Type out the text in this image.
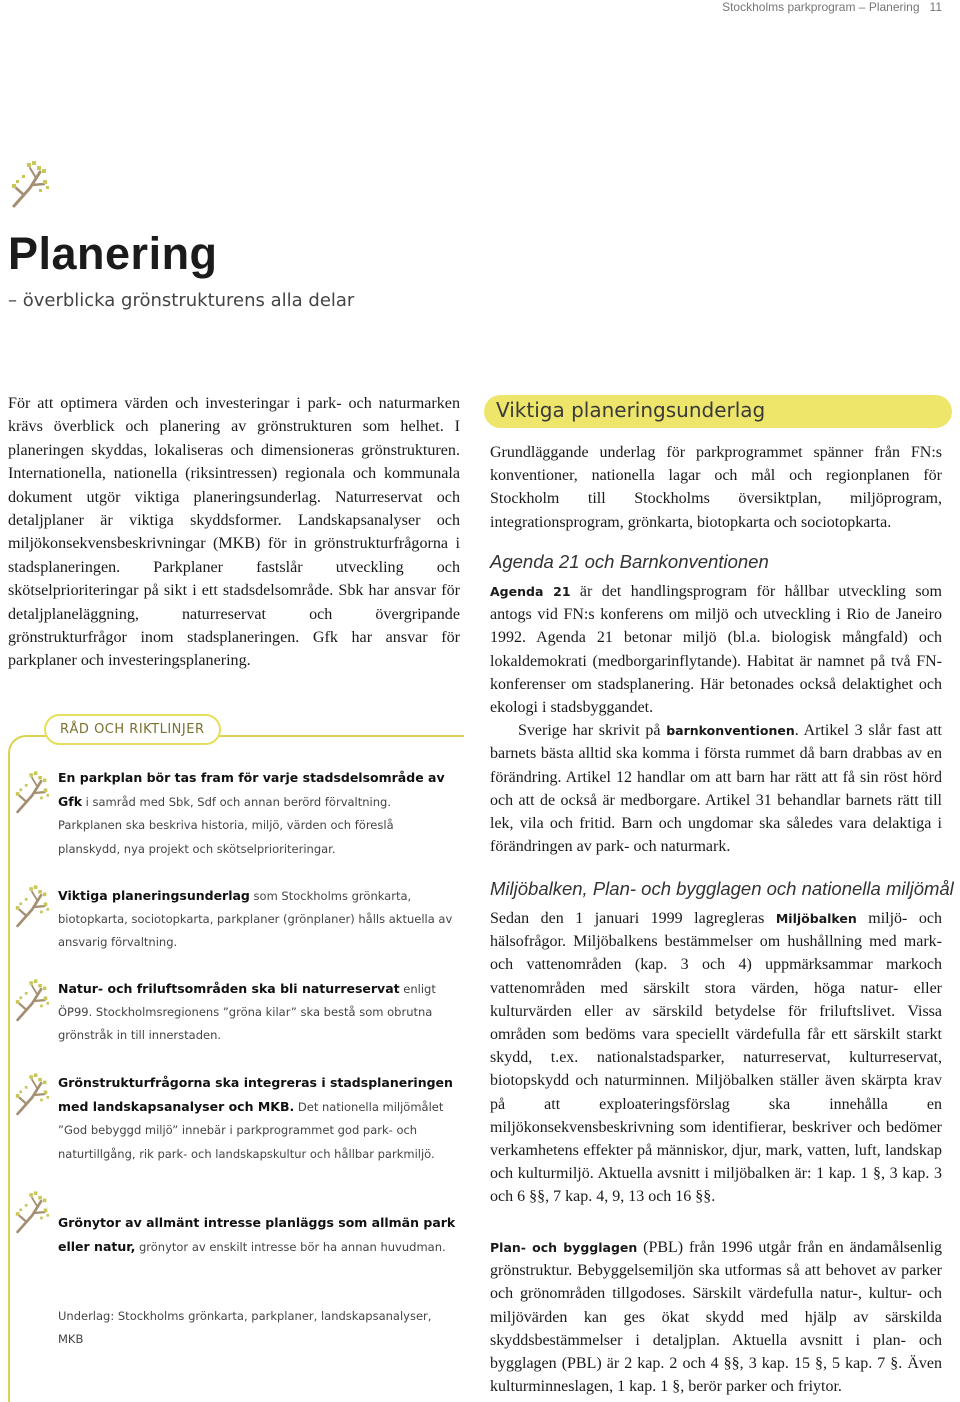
Stockholms parkprogram – Planering 11
Planering
– överblicka grönstrukturens alla delar

För att optimera värden och investeringar i park- och naturmarken krävs överblick och planering av grönstrukturen som helhet. I planeringen skyddas, lokaliseras och dimensioneras grönstrukturen. Internationella, nationella (riksintressen) regionala och kommunala dokument utgör viktiga planeringsunderlag. Naturreservat och detaljplaner är viktiga skyddsformer. Landskapsanalyser och miljökonsekvensbeskrivningar (MKB) för in grönstrukturfrågorna i stadsplaneringen. Parkplaner fastslår utveckling och skötselprioriteringar på sikt i ett stadsdelsområde. Sbk har ansvar för detaljplaneläggning, naturreservat och övergripande grönstrukturfrågor inom stadsplaneringen. Gfk har ansvar för parkplaner och investeringsplanering.

RÅD OCH RIKTLINJER

En parkplan bör tas fram för varje stadsdelsområde av Gfk i samråd med Sbk, Sdf och annan berörd förvaltning. Parkplanen ska beskriva historia, miljö, värden och föreslå planskydd, nya projekt och skötselprioriteringar.

Viktiga planeringsunderlag som Stockholms grönkarta, biotopkarta, sociotopkarta, parkplaner (grönplaner) hålls aktuella av ansvarig förvaltning.

Natur- och friluftsområden ska bli naturreservat enligt ÖP99. Stockholmsregionens ”gröna kilar” ska bestå som obrutna grönstråk in till innerstaden.

Grönstrukturfrågorna ska integreras i stadsplaneringen med landskapsanalyser och MKB. Det nationella miljömålet ”God bebyggd miljö” innebär i parkprogrammet god park- och naturtillgång, rik park- och landskapskultur och hållbar parkmiljö.

Grönytor av allmänt intresse planläggs som allmän park eller natur, grönytor av enskilt intresse bör ha annan huvudman.

Underlag: Stockholms grönkarta, parkplaner, landskapsanalyser, MKB

Viktiga planeringsunderlag

Grundläggande underlag för parkprogrammet spänner från FN:s konventioner, nationella lagar och mål och regionplanen för Stockholm till Stockholms översiktplan, miljöprogram, integrationsprogram, grönkarta, biotopkarta och sociotopkarta.

Agenda 21 och Barnkonventionen

Agenda 21 är det handlingsprogram för hållbar utveckling som antogs vid FN:s konferens om miljö och utveckling i Rio de Janeiro 1992. Agenda 21 betonar miljö (bl.a. biologisk mångfald) och lokaldemokrati (medborgarinflytande). Habitat är namnet på två FN-konferenser om stadsplanering. Här betonades också delaktighet och ekologi i stadsbyggandet.
Sverige har skrivit på barnkonventionen. Artikel 3 slår fast att barnets bästa alltid ska komma i första rummet då barn drabbas av en förändring. Artikel 12 handlar om att barn har rätt att få sin röst hörd och att de också är medborgare. Artikel 31 behandlar barnets rätt till lek, vila och fritid. Barn och ungdomar ska således vara delaktiga i förändringen av park- och naturmark.

Miljöbalken, Plan- och bygglagen och nationella miljömål

Sedan den 1 januari 1999 lagregleras Miljöbalken miljö- och hälsofrågor. Miljöbalkens bestämmelser om hushållning med mark- och vattenområden (kap. 3 och 4) uppmärksammar markoch vattenområden med särskilt stora värden, höga natur- eller kulturvärden eller av särskild betydelse för friluftslivet. Vissa områden som bedöms vara speciellt värdefulla får ett särskilt starkt skydd, t.ex. nationalstadsparker, naturreservat, kulturreservat, biotopskydd och naturminnen. Miljöbalken ställer även skärpta krav på att exploateringsförslag ska innehålla en miljökonsekvensbeskrivning som identifierar, beskriver och bedömer verkamhetens effekter på människor, djur, mark, vatten, luft, landskap och kulturmiljö. Aktuella avsnitt i miljöbalken är: 1 kap. 1 §, 3 kap. 3 och 6 §§, 7 kap. 4, 9, 13 och 16 §§.

Plan- och bygglagen (PBL) från 1996 utgår från en ändamålsenlig grönstruktur. Bebyggelsemiljön ska utformas så att behovet av parker och grönområden tillgodoses. Särskilt värdefulla natur-, kultur- och miljövärden kan ges ökat skydd med hjälp av särskilda skyddsbestämmelser i detaljplan. Aktuella avsnitt i plan- och bygglagen (PBL) är 2 kap. 2 och 4 §§, 3 kap. 15 §, 5 kap. 7 §. Även kulturminneslagen, 1 kap. 1 §, berör parker och friytor.
